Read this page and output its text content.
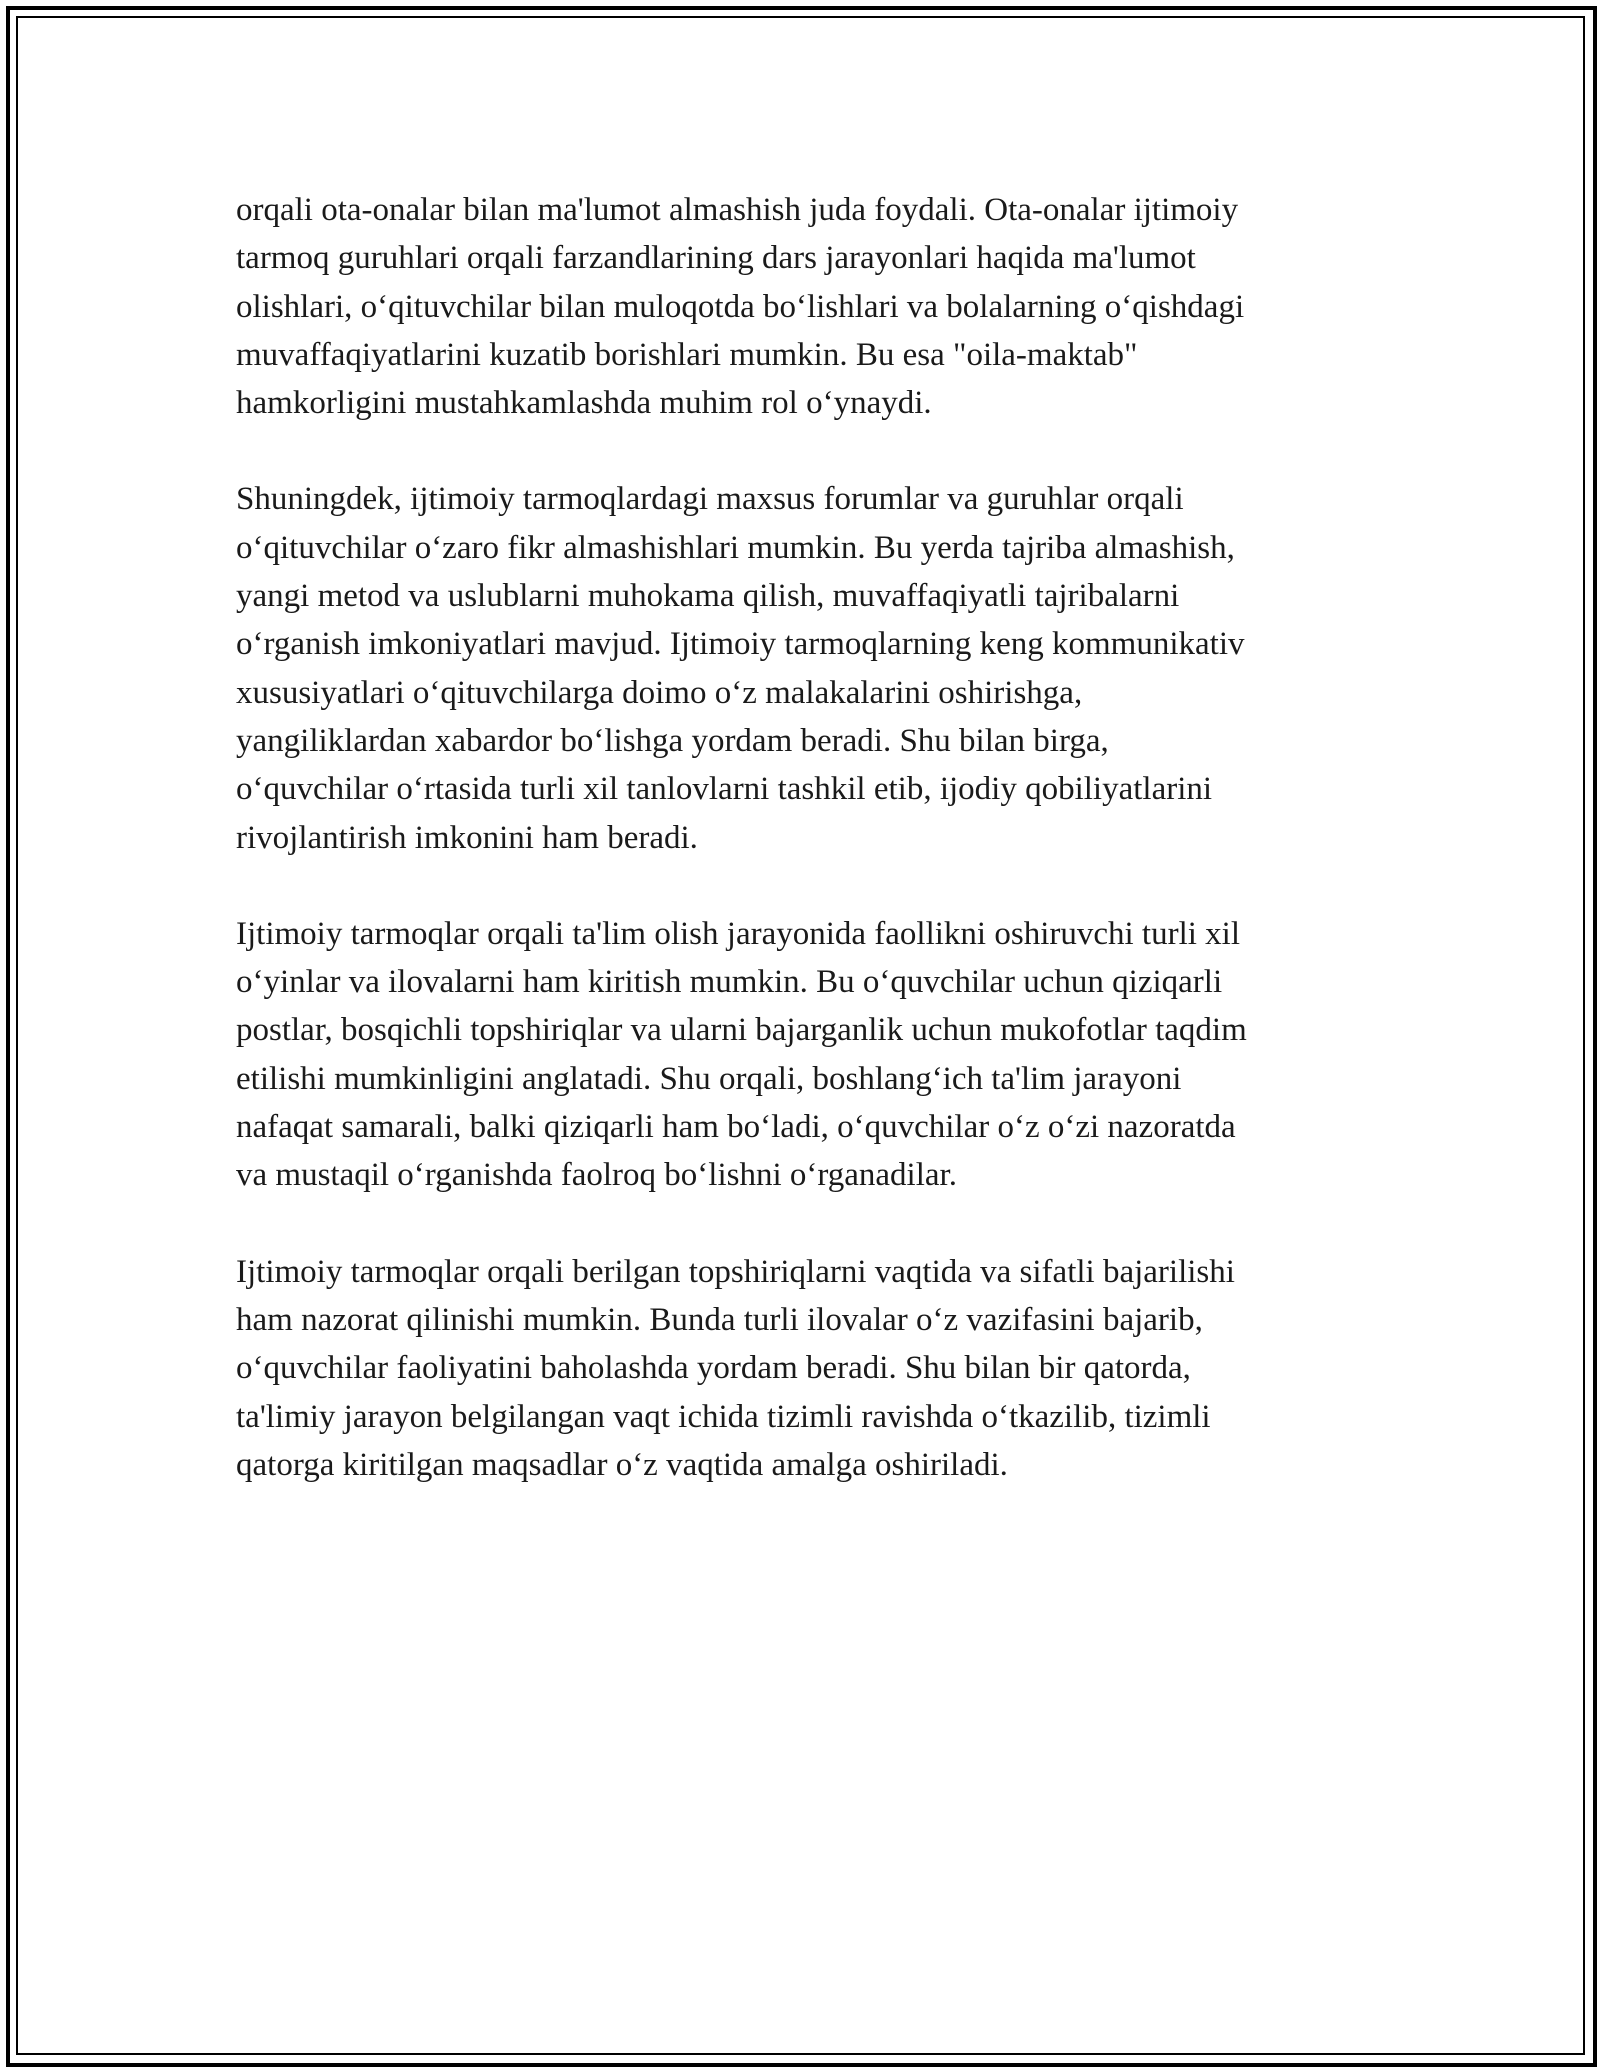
orqali ota-onalar bilan ma'lumot almashish juda foydali. Ota-onalar ijtimoiy
tarmoq guruhlari orqali farzandlarining dars jarayonlari haqida ma'lumot
olishlari, o‘qituvchilar bilan muloqotda bo‘lishlari va bolalarning o‘qishdagi
muvaffaqiyatlarini kuzatib borishlari mumkin. Bu esa "oila-maktab"
hamkorligini mustahkamlashda muhim rol o‘ynaydi.

Shuningdek, ijtimoiy tarmoqlardagi maxsus forumlar va guruhlar orqali
o‘qituvchilar o‘zaro fikr almashishlari mumkin. Bu yerda tajriba almashish,
yangi metod va uslublarni muhokama qilish, muvaffaqiyatli tajribalarni
o‘rganish imkoniyatlari mavjud. Ijtimoiy tarmoqlarning keng kommunikativ
xususiyatlari o‘qituvchilarga doimo o‘z malakalarini oshirishga,
yangiliklardan xabardor bo‘lishga yordam beradi. Shu bilan birga,
o‘quvchilar o‘rtasida turli xil tanlovlarni tashkil etib, ijodiy qobiliyatlarini
rivojlantirish imkonini ham beradi.

Ijtimoiy tarmoqlar orqali ta'lim olish jarayonida faollikni oshiruvchi turli xil
o‘yinlar va ilovalarni ham kiritish mumkin. Bu o‘quvchilar uchun qiziqarli
postlar, bosqichli topshiriqlar va ularni bajarganlik uchun mukofotlar taqdim
etilishi mumkinligini anglatadi. Shu orqali, boshlang‘ich ta'lim jarayoni
nafaqat samarali, balki qiziqarli ham bo‘ladi, o‘quvchilar o‘z o‘zi nazoratda
va mustaqil o‘rganishda faolroq bo‘lishni o‘rganadilar.

Ijtimoiy tarmoqlar orqali berilgan topshiriqlarni vaqtida va sifatli bajarilishi
ham nazorat qilinishi mumkin. Bunda turli ilovalar o‘z vazifasini bajarib,
o‘quvchilar faoliyatini baholashda yordam beradi. Shu bilan bir qatorda,
ta'limiy jarayon belgilangan vaqt ichida tizimli ravishda o‘tkazilib, tizimli
qatorga kiritilgan maqsadlar o‘z vaqtida amalga oshiriladi.
